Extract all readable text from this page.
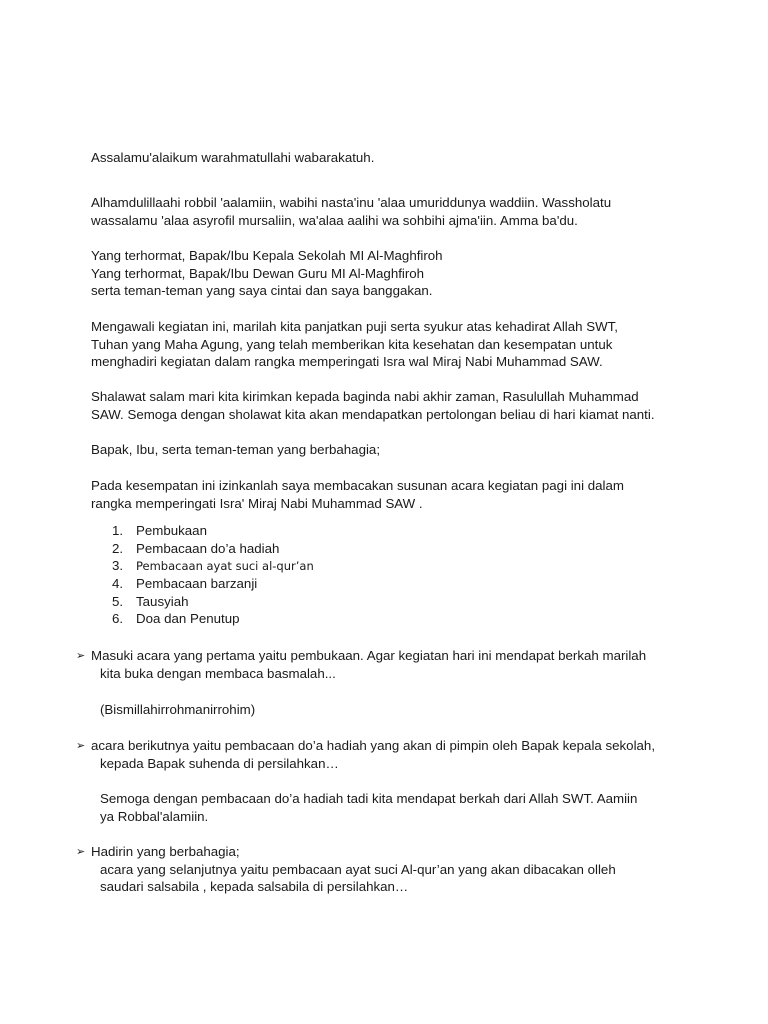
Assalamu'alaikum warahmatullahi wabarakatuh.

Alhamdulillaahi robbil 'aalamiin, wabihi nasta'inu 'alaa umuriddunya waddiin. Wassholatu
wassalamu 'alaa asyrofil mursaliin, wa'alaa aalihi wa sohbihi ajma'iin. Amma ba'du.

Yang terhormat, Bapak/Ibu Kepala Sekolah MI Al-Maghfiroh
Yang terhormat, Bapak/Ibu Dewan Guru MI Al-Maghfiroh
serta teman-teman yang saya cintai dan saya banggakan.

Mengawali kegiatan ini, marilah kita panjatkan puji serta syukur atas kehadirat Allah SWT,
Tuhan yang Maha Agung, yang telah memberikan kita kesehatan dan kesempatan untuk
menghadiri kegiatan dalam rangka memperingati Isra wal Miraj Nabi Muhammad SAW.

Shalawat salam mari kita kirimkan kepada baginda nabi akhir zaman, Rasulullah Muhammad
SAW. Semoga dengan sholawat kita akan mendapatkan pertolongan beliau di hari kiamat nanti.

Bapak, Ibu, serta teman-teman yang berbahagia;

Pada kesempatan ini izinkanlah saya membacakan susunan acara kegiatan pagi ini dalam
rangka memperingati Isra' Miraj Nabi Muhammad SAW .

1. Pembukaan
2. Pembacaan do’a hadiah
3. Pembacaan ayat suci al-qur’an
4. Pembacaan barzanji
5. Tausyiah
6. Doa dan Penutup
➢ Masuki acara yang pertama yaitu pembukaan. Agar kegiatan hari ini mendapat berkah marilah
kita buka dengan membaca basmalah...

(Bismillahirrohmanirrohim)

➢ acara berikutnya yaitu pembacaan do’a hadiah yang akan di pimpin oleh Bapak kepala sekolah,
kepada Bapak suhenda di persilahkan…

Semoga dengan pembacaan do’a hadiah tadi kita mendapat berkah dari Allah SWT. Aamiin
ya Robbal'alamiin.

➢ Hadirin yang berbahagia;
acara yang selanjutnya yaitu pembacaan ayat suci Al-qur’an yang akan dibacakan olleh
saudari salsabila , kepada salsabila di persilahkan…
